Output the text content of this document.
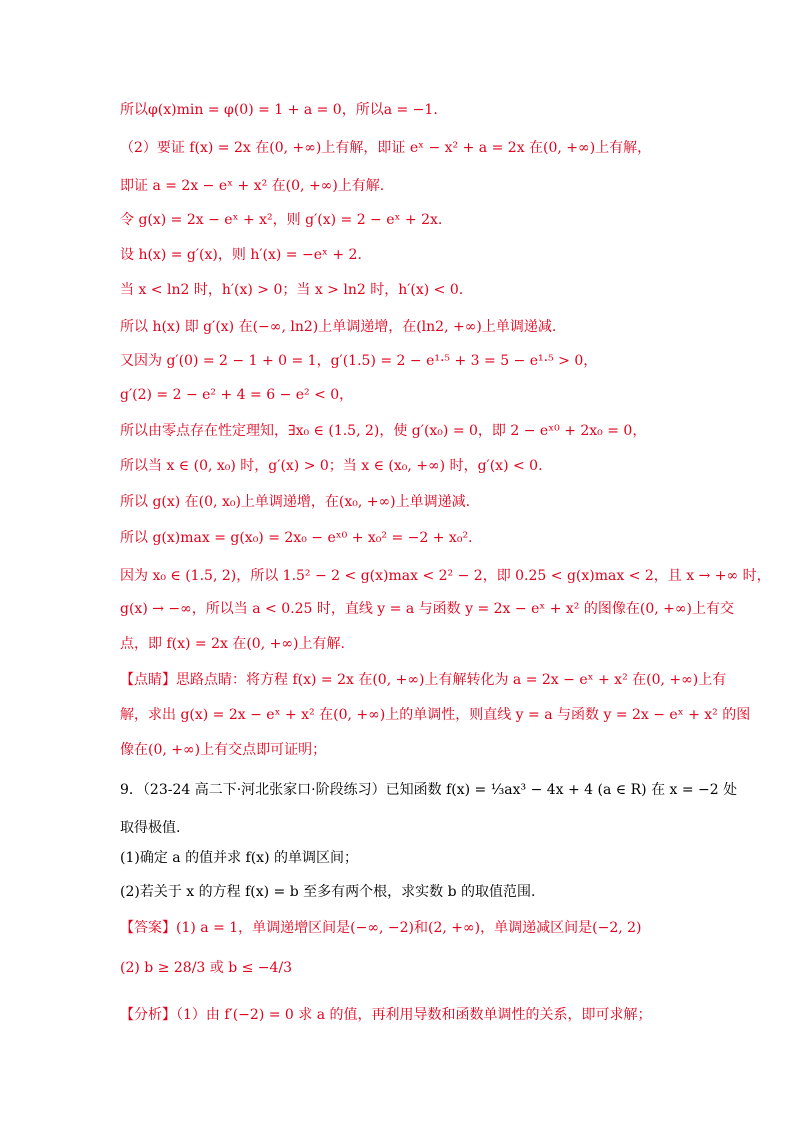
所以φ(x)min = φ(0) = 1 + a = 0，所以a = −1.
（2）要证 f(x) = 2x 在(0, +∞)上有解，即证 eˣ − x² + a = 2x 在(0, +∞)上有解，
即证 a = 2x − eˣ + x² 在(0, +∞)上有解.
令 g(x) = 2x − eˣ + x²，则 g′(x) = 2 − eˣ + 2x.
设 h(x) = g′(x)，则 h′(x) = −eˣ + 2.
当 x < ln2 时，h′(x) > 0；当 x > ln2 时，h′(x) < 0.
所以 h(x) 即 g′(x) 在(−∞, ln2)上单调递增，在(ln2, +∞)上单调递减.
又因为 g′(0) = 2 − 1 + 0 = 1，g′(1.5) = 2 − e¹·⁵ + 3 = 5 − e¹·⁵ > 0，
g′(2) = 2 − e² + 4 = 6 − e² < 0，
所以由零点存在性定理知，∃x₀ ∈ (1.5, 2)，使 g′(x₀) = 0，即 2 − eˣ⁰ + 2x₀ = 0，
所以当 x ∈ (0, x₀) 时，g′(x) > 0；当 x ∈ (x₀, +∞) 时，g′(x) < 0.
所以 g(x) 在(0, x₀)上单调递增，在(x₀, +∞)上单调递减.
所以 g(x)max = g(x₀) = 2x₀ − eˣ⁰ + x₀² = −2 + x₀².
因为 x₀ ∈ (1.5, 2)，所以 1.5² − 2 < g(x)max < 2² − 2，即 0.25 < g(x)max < 2，且 x → +∞ 时，
g(x) → −∞，所以当 a < 0.25 时，直线 y = a 与函数 y = 2x − eˣ + x² 的图像在(0, +∞)上有交
点，即 f(x) = 2x 在(0, +∞)上有解.
【点睛】思路点睛：将方程 f(x) = 2x 在(0, +∞)上有解转化为 a = 2x − eˣ + x² 在(0, +∞)上有
解，求出 g(x) = 2x − eˣ + x² 在(0, +∞)上的单调性，则直线 y = a 与函数 y = 2x − eˣ + x² 的图
像在(0, +∞)上有交点即可证明；
9．（23-24 高二下·河北张家口·阶段练习）已知函数 f(x) = ⅓ax³ − 4x + 4 (a ∈ R) 在 x = −2 处
取得极值.
(1)确定 a 的值并求 f(x) 的单调区间；
(2)若关于 x 的方程 f(x) = b 至多有两个根，求实数 b 的取值范围.
【答案】(1) a = 1，单调递增区间是(−∞, −2)和(2, +∞)，单调递减区间是(−2, 2)
(2) b ≥ 28/3 或 b ≤ −4/3
【分析】（1）由 f′(−2) = 0 求 a 的值，再利用导数和函数单调性的关系，即可求解；
